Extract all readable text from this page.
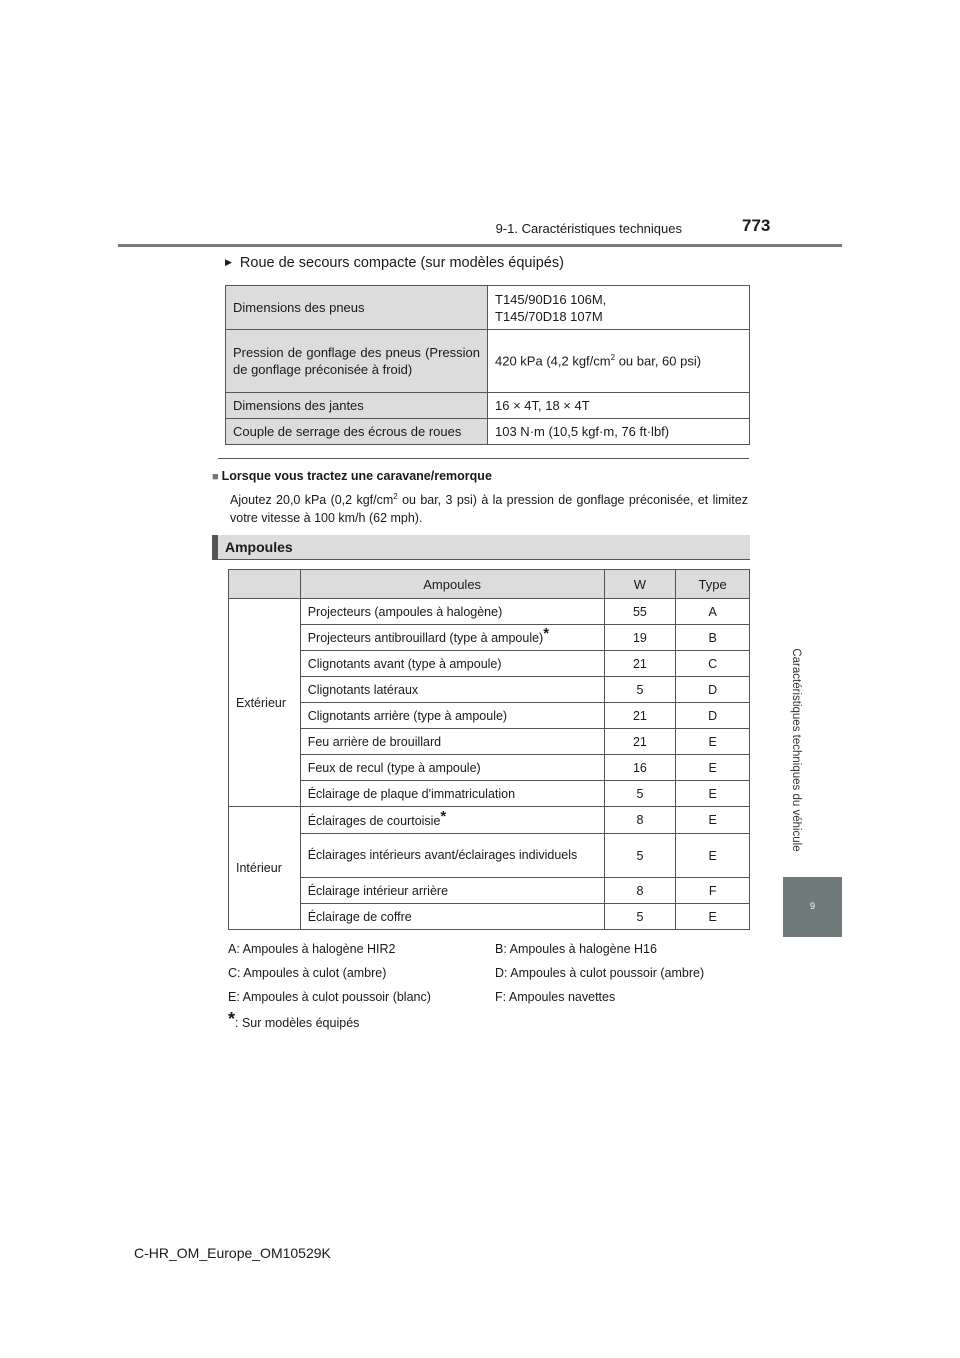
9-1. Caractéristiques techniques	773
Caractéristiques techniques du véhicule
9
▶ Roue de secours compacte (sur modèles équipés)
Dimensions des pneus	T145/90D16 106M,
T145/70D18 107M
Pression de gonflage des pneus (Pression de gonflage préconisée à froid)	420 kPa (4,2 kgf/$cm^2$ ou bar, 60 psi)
Dimensions des jantes	16 × 4T, 18 × 4T
Couple de serrage des écrous de roues	103 N·m (10,5 kgf·m, 76 ft·lbf)
■ Lorsque vous tractez une caravane/remorque
Ajoutez 20,0 kPa (0,2 kgf/$cm^2$ ou bar, 3 psi) à la pression de gonflage préconisée, et limitez votre vitesse à 100 km/h (62 mph).
Ampoules
	Ampoules	W	Type
Extérieur	Projecteurs (ampoules à halogène)	55	A
	Projecteurs antibrouillard (type à ampoule)*	19	B
	Clignotants avant (type à ampoule)	21	C
	Clignotants latéraux	5	D
	Clignotants arrière (type à ampoule)	21	D
	Feu arrière de brouillard	21	E
	Feux de recul (type à ampoule)	16	E
	Éclairage de plaque d'immatriculation	5	E
Intérieur	Éclairages de courtoisie*	8	E
	Éclairages intérieurs avant/éclairages individuels	5	E
	Éclairage intérieur arrière	8	F
	Éclairage de coffre	5	E
A: Ampoules à halogène HIR2	B: Ampoules à halogène H16
C: Ampoules à culot (ambre)	D: Ampoules à culot poussoir (ambre)
E: Ampoules à culot poussoir (blanc)	F: Ampoules navettes
*: Sur modèles équipés
C-HR_OM_Europe_OM10529K
